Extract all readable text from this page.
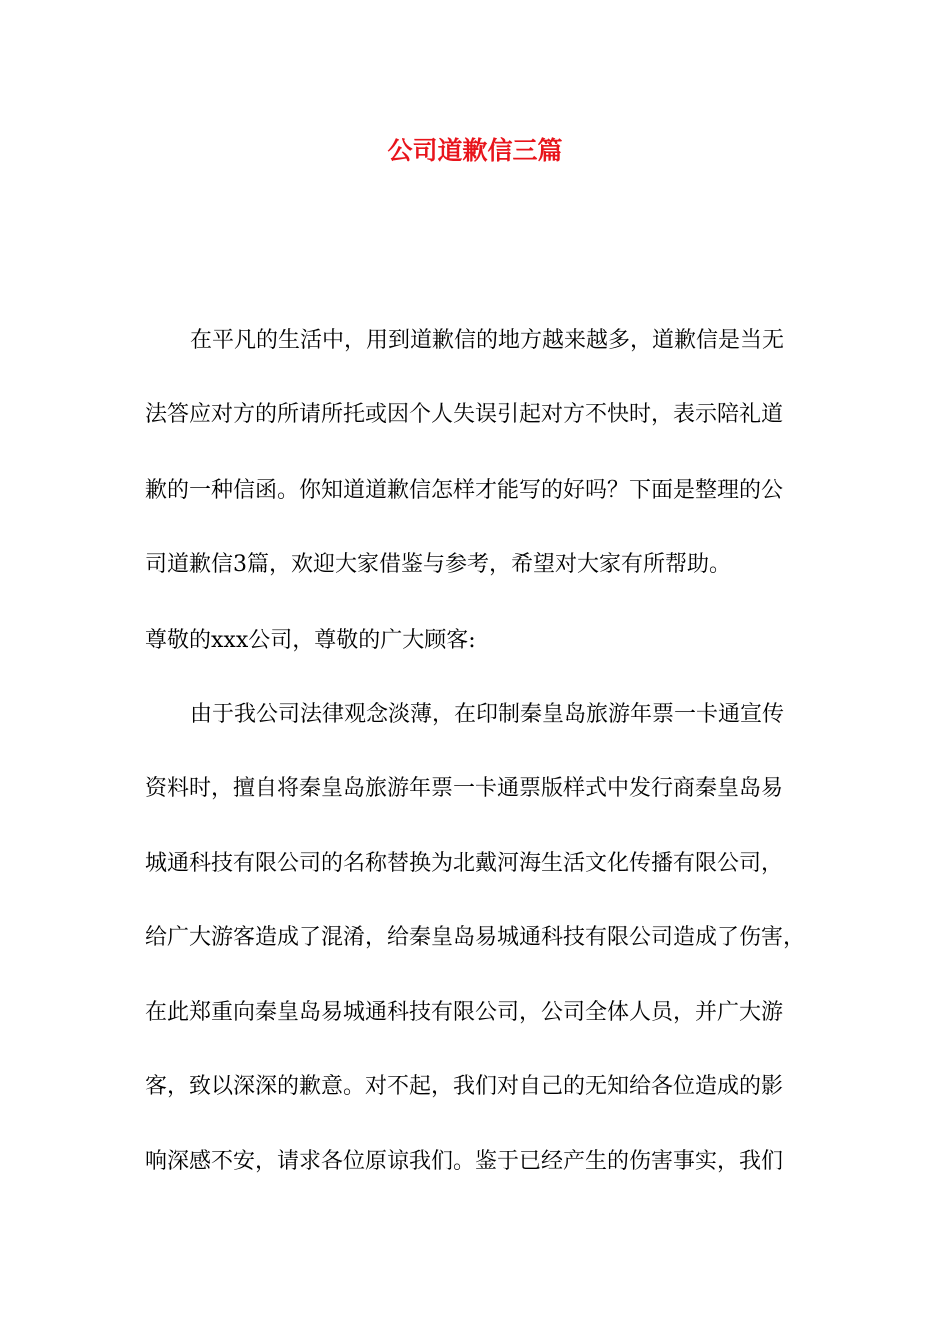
公司道歉信三篇

在平凡的生活中，用到道歉信的地方越来越多，道歉信是当无

法答应对方的所请所托或因个人失误引起对方不快时，表示陪礼道

歉的一种信函。你知道道歉信怎样才能写的好吗？下面是整理的公

司道歉信3篇，欢迎大家借鉴与参考，希望对大家有所帮助。

尊敬的xxx公司，尊敬的广大顾客:

由于我公司法律观念淡薄，在印制秦皇岛旅游年票一卡通宣传

资料时，擅自将秦皇岛旅游年票一卡通票版样式中发行商秦皇岛易

城通科技有限公司的名称替换为北戴河海生活文化传播有限公司，

给广大游客造成了混淆，给秦皇岛易城通科技有限公司造成了伤害，

在此郑重向秦皇岛易城通科技有限公司，公司全体人员，并广大游

客，致以深深的歉意。对不起，我们对自己的无知给各位造成的影

响深感不安，请求各位原谅我们。鉴于已经产生的伤害事实，我们
